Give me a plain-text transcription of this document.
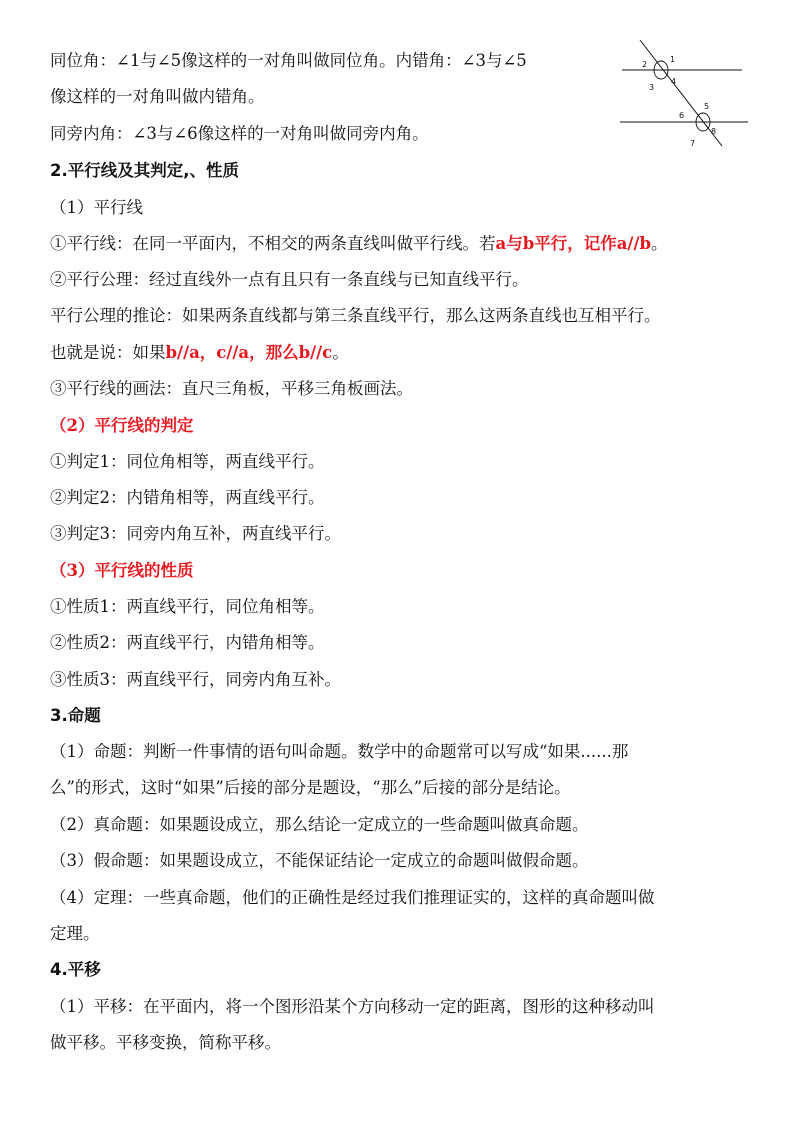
同位角：∠1与∠5像这样的一对角叫做同位角。内错角：∠3与∠5
像这样的一对角叫做内错角。
同旁内角：∠3与∠6像这样的一对角叫做同旁内角。
2.平行线及其判定,、性质
（1）平行线
①平行线：在同一平面内，不相交的两条直线叫做平行线。若a与b平行，记作a//b。
②平行公理：经过直线外一点有且只有一条直线与已知直线平行。
平行公理的推论：如果两条直线都与第三条直线平行，那么这两条直线也互相平行。
也就是说：如果b//a，c//a，那么b//c。
③平行线的画法：直尺三角板，平移三角板画法。
（2）平行线的判定
①判定1：同位角相等，两直线平行。
②判定2：内错角相等，两直线平行。
③判定3：同旁内角互补，两直线平行。
（3）平行线的性质
①性质1：两直线平行，同位角相等。
②性质2：两直线平行，内错角相等。
③性质3：两直线平行，同旁内角互补。
3.命题
（1）命题：判断一件事情的语句叫命题。数学中的命题常可以写成“如果......那
么”的形式，这时“如果”后接的部分是题设，“那么”后接的部分是结论。
（2）真命题：如果题设成立，那么结论一定成立的一些命题叫做真命题。
（3）假命题：如果题设成立，不能保证结论一定成立的命题叫做假命题。
（4）定理：一些真命题，他们的正确性是经过我们推理证实的，这样的真命题叫做
定理。
4.平移
（1）平移：在平面内，将一个图形沿某个方向移动一定的距离，图形的这种移动叫
做平移。平移变换，简称平移。
1
2
3
4
5
6
7
8
